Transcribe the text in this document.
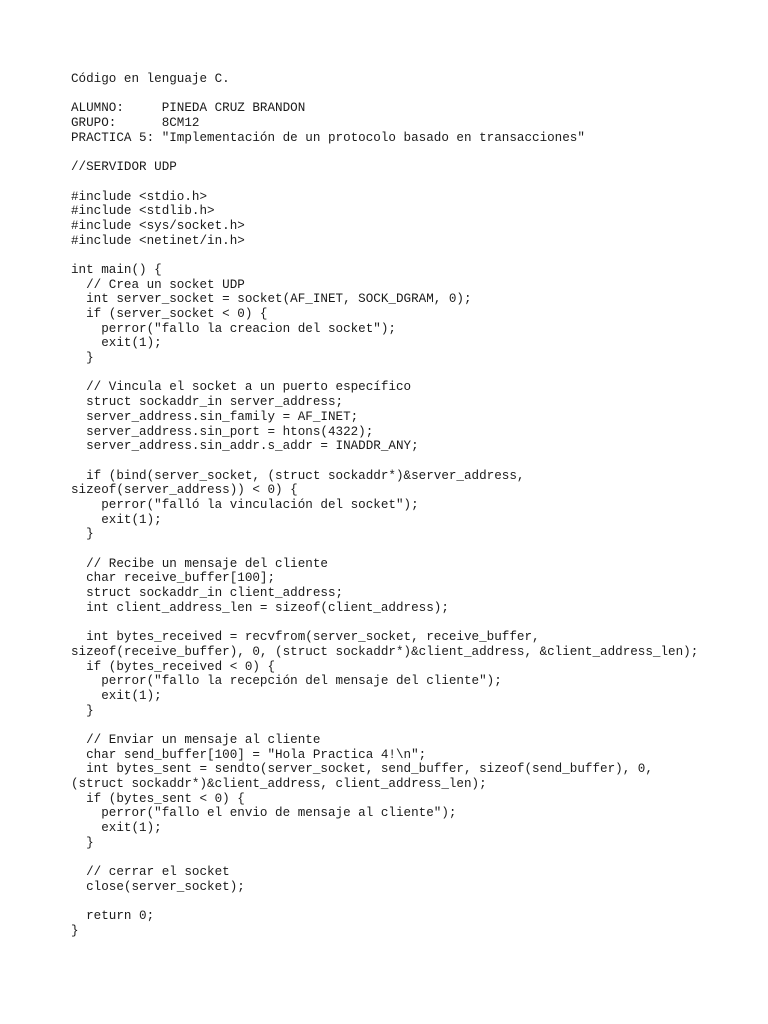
Código en lenguaje C.
ALUMNO:     PINEDA CRUZ BRANDON
GRUPO:      8CM12
PRACTICA 5: "Implementación de un protocolo basado en transacciones"
//SERVIDOR UDP
#include <stdio.h>
#include <stdlib.h>
#include <sys/socket.h>
#include <netinet/in.h>
int main() {
// Crea un socket UDP
int server_socket = socket(AF_INET, SOCK_DGRAM, 0);
if (server_socket < 0) {
perror("fallo la creacion del socket");
exit(1);
}
// Vincula el socket a un puerto específico
struct sockaddr_in server_address;
server_address.sin_family = AF_INET;
server_address.sin_port = htons(4322);
server_address.sin_addr.s_addr = INADDR_ANY;
if (bind(server_socket, (struct sockaddr*)&server_address,
sizeof(server_address)) < 0) {
perror("falló la vinculación del socket");
exit(1);
}
// Recibe un mensaje del cliente
char receive_buffer[100];
struct sockaddr_in client_address;
int client_address_len = sizeof(client_address);
int bytes_received = recvfrom(server_socket, receive_buffer,
sizeof(receive_buffer), 0, (struct sockaddr*)&client_address, &client_address_len);
if (bytes_received < 0) {
perror("fallo la recepción del mensaje del cliente");
exit(1);
}
// Enviar un mensaje al cliente
char send_buffer[100] = "Hola Practica 4!\n";
int bytes_sent = sendto(server_socket, send_buffer, sizeof(send_buffer), 0,
(struct sockaddr*)&client_address, client_address_len);
if (bytes_sent < 0) {
perror("fallo el envio de mensaje al cliente");
exit(1);
}
// cerrar el socket
close(server_socket);
return 0;
}
